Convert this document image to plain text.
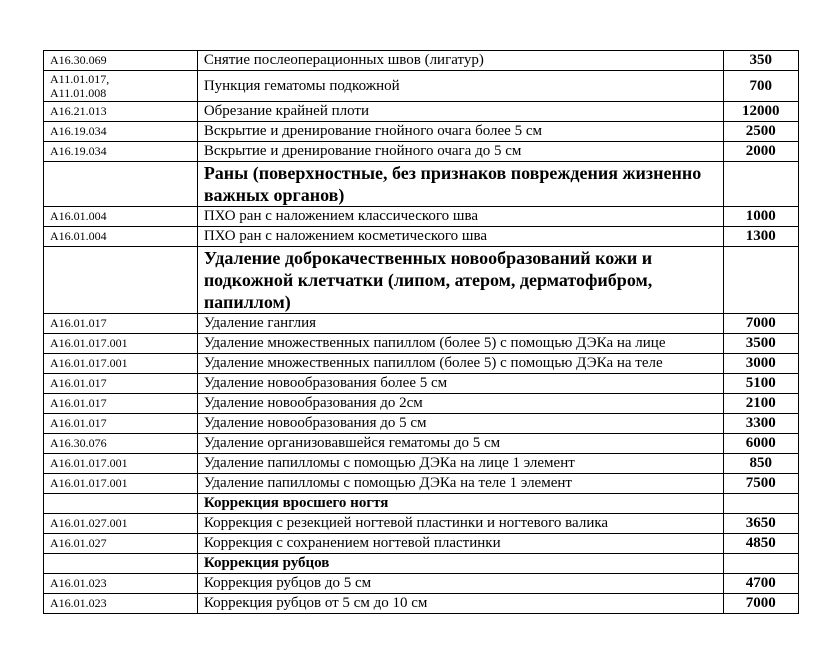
A16.30.069	Снятие послеоперационных швов (лигатур)	350

A11.01.017,
A11.01.008	Пункция гематомы подкожной	700
A16.21.013	Обрезание крайней плоти	12000
A16.19.034	Вскрытие и дренирование гнойного очага более 5 см	2500
A16.19.034	Вскрытие и дренирование гнойного очага до 5 см	2000
	Раны (поверхностные, без признаков повреждения жизненно важных органов)	
A16.01.004	ПХО ран с наложением классического шва	1000
A16.01.004	ПХО ран с наложением косметического шва	1300
	Удаление доброкачественных новообразований кожи и подкожной клетчатки (липом, атером, дерматофибром, папиллом)	
A16.01.017	Удаление ганглия	7000
A16.01.017.001	Удаление множественных папиллом (более 5) с помощью ДЭКа на лице	3500
A16.01.017.001	Удаление множественных папиллом (более 5) с помощью ДЭКа на теле	3000
A16.01.017	Удаление новообразования более 5 см	5100
A16.01.017	Удаление новообразования до 2см	2100
A16.01.017	Удаление новообразования до 5 см	3300
A16.30.076	Удаление организовавшейся гематомы до 5 см	6000
A16.01.017.001	Удаление папилломы с помощью ДЭКа на лице 1 элемент	850
A16.01.017.001	Удаление папилломы с помощью ДЭКа на теле 1 элемент	7500
	Коррекция вросшего ногтя	
A16.01.027.001	Коррекция с резекцией ногтевой пластинки и ногтевого валика	3650
A16.01.027	Коррекция с сохранением ногтевой пластинки	4850
	Коррекция рубцов	
A16.01.023	Коррекция рубцов до 5 см	4700
A16.01.023	Коррекция рубцов от 5 см до 10 см	7000
